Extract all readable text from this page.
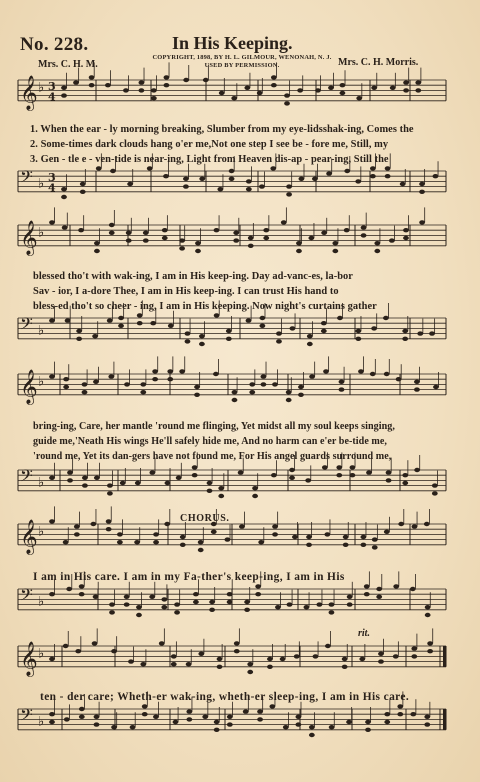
𝄞 ♭ 3
4
𝄢 ♭ 3
4
𝄞 ♭
𝄢 ♭
𝄞 ♭
𝄢 ♭
𝄞 ♭
𝄢 ♭
𝄞 ♭
𝄢 ♭
No. 228.	In His Keeping.
COPYRIGHT, 1898, BY H. L. GILMOUR, WENONAH, N. J.
USED BY PERMISSION.
Mrs. C. H. M.	Mrs. C. H. Morris.
1. When the ear - ly morning breaking, Slumber from my eye-lidsshak-ing, Comes the
2. Some-times dark clouds hang o'er me,Not one step I see be - fore me, Still, my
3. Gen - tle e - ven-tide is near-ing, Light from Heaven dis-ap - pear-ing, Still the
blessed tho't with wak-ing, I am in His keep-ing. Day ad-vanc-es, la-bor
Sav - ior, I a-dore Thee, I am in His keep-ing. I can trust His hand to
bless-ed tho't so cheer - ing, I am in His keeping. Now night's curtains gather
bring-ing, Care, her mantle 'round me flinging, Yet midst all my soul keeps singing,
guide me,'Neath His wings He'll safely hide me, And no harm can e'er be-tide me,
'round me, Yet its dan-gers have not found me, For His angel guards surround me,
CHORUS.
I am in His care. I am in my Fa-ther's keep-ing, I am in His
rit.
ten - der care; Wheth-er wak-ing, wheth-er sleep-ing, I am in His care.
